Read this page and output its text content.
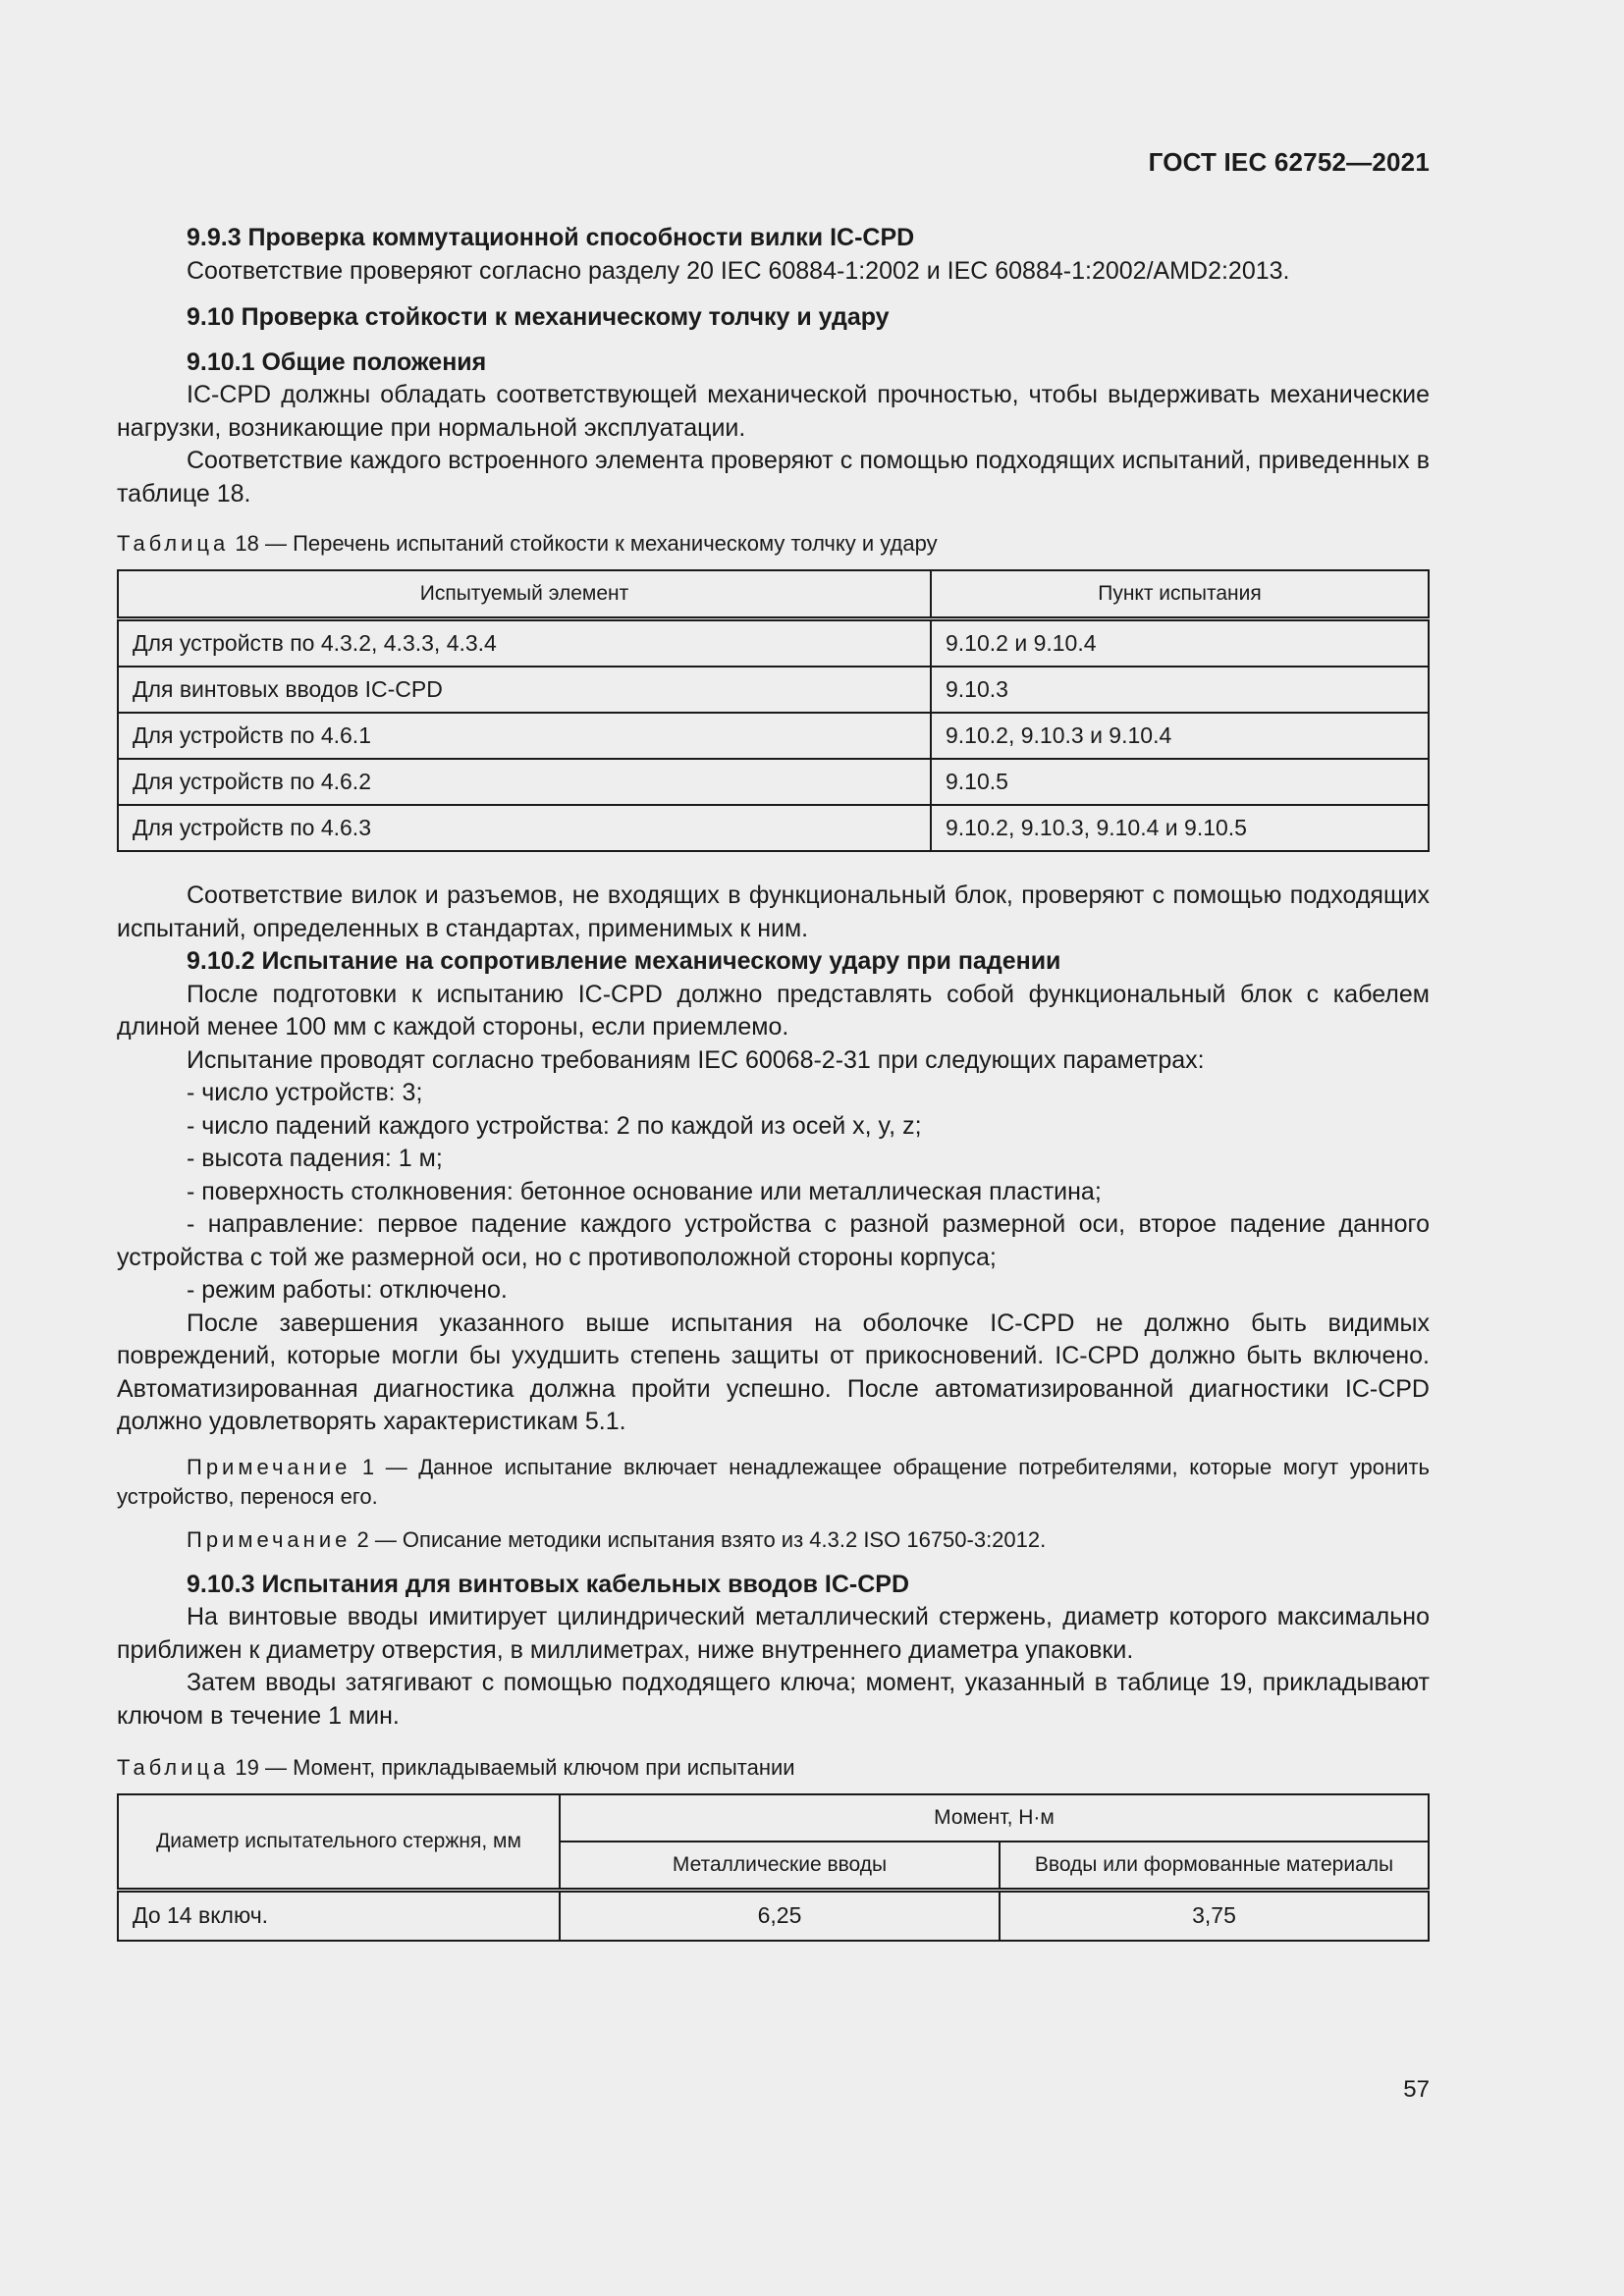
ГОСТ IEC 62752—2021

9.9.3 Проверка коммутационной способности вилки IC-CPD

Соответствие проверяют согласно разделу 20 IEC 60884-1:2002 и IEC 60884-1:2002/AMD2:2013.

9.10 Проверка стойкости к механическому толчку и удару

9.10.1 Общие положения

IC-CPD должны обладать соответствующей механической прочностью, чтобы выдерживать механические нагрузки, возникающие при нормальной эксплуатации.

Соответствие каждого встроенного элемента проверяют с помощью подходящих испытаний, приведенных в таблице 18.

Таблица 18 — Перечень испытаний стойкости к механическому толчку и удару
Испытуемый элемент	Пункт испытания
Для устройств по 4.3.2, 4.3.3, 4.3.4	9.10.2 и 9.10.4
Для винтовых вводов IC-CPD	9.10.3
Для устройств по 4.6.1	9.10.2, 9.10.3 и 9.10.4
Для устройств по 4.6.2	9.10.5
Для устройств по 4.6.3	9.10.2, 9.10.3, 9.10.4 и 9.10.5

Соответствие вилок и разъемов, не входящих в функциональный блок, проверяют с помощью подходящих испытаний, определенных в стандартах, применимых к ним.

9.10.2 Испытание на сопротивление механическому удару при падении

После подготовки к испытанию IC-CPD должно представлять собой функциональный блок с кабелем длиной менее 100 мм с каждой стороны, если приемлемо.

Испытание проводят согласно требованиям IEC 60068-2-31 при следующих параметрах:

- число устройств: 3;

- число падений каждого устройства: 2 по каждой из осей x, y, z;

- высота падения: 1 м;

- поверхность столкновения: бетонное основание или металлическая пластина;

- направление: первое падение каждого устройства с разной размерной оси, второе падение данного устройства с той же размерной оси, но с противоположной стороны корпуса;

- режим работы: отключено.

После завершения указанного выше испытания на оболочке IC-CPD не должно быть видимых повреждений, которые могли бы ухудшить степень защиты от прикосновений. IC-CPD должно быть включено. Автоматизированная диагностика должна пройти успешно. После автоматизированной диагностики IC-CPD должно удовлетворять характеристикам 5.1.

Примечание 1 — Данное испытание включает ненадлежащее обращение потребителями, которые могут уронить устройство, перенося его.

Примечание 2 — Описание методики испытания взято из 4.3.2 ISO 16750-3:2012.

9.10.3 Испытания для винтовых кабельных вводов IC-CPD

На винтовые вводы имитирует цилиндрический металлический стержень, диаметр которого максимально приближен к диаметру отверстия, в миллиметрах, ниже внутреннего диаметра упаковки.

Затем вводы затягивают с помощью подходящего ключа; момент, указанный в таблице 19, прикладывают ключом в течение 1 мин.

Таблица 19 — Момент, прикладываемый ключом при испытании
Диаметр испытательного стержня, мм	Момент, Н·м	
	Металлические вводы	Вводы или формованные материалы
До 14 включ.	6,25	3,75
57
